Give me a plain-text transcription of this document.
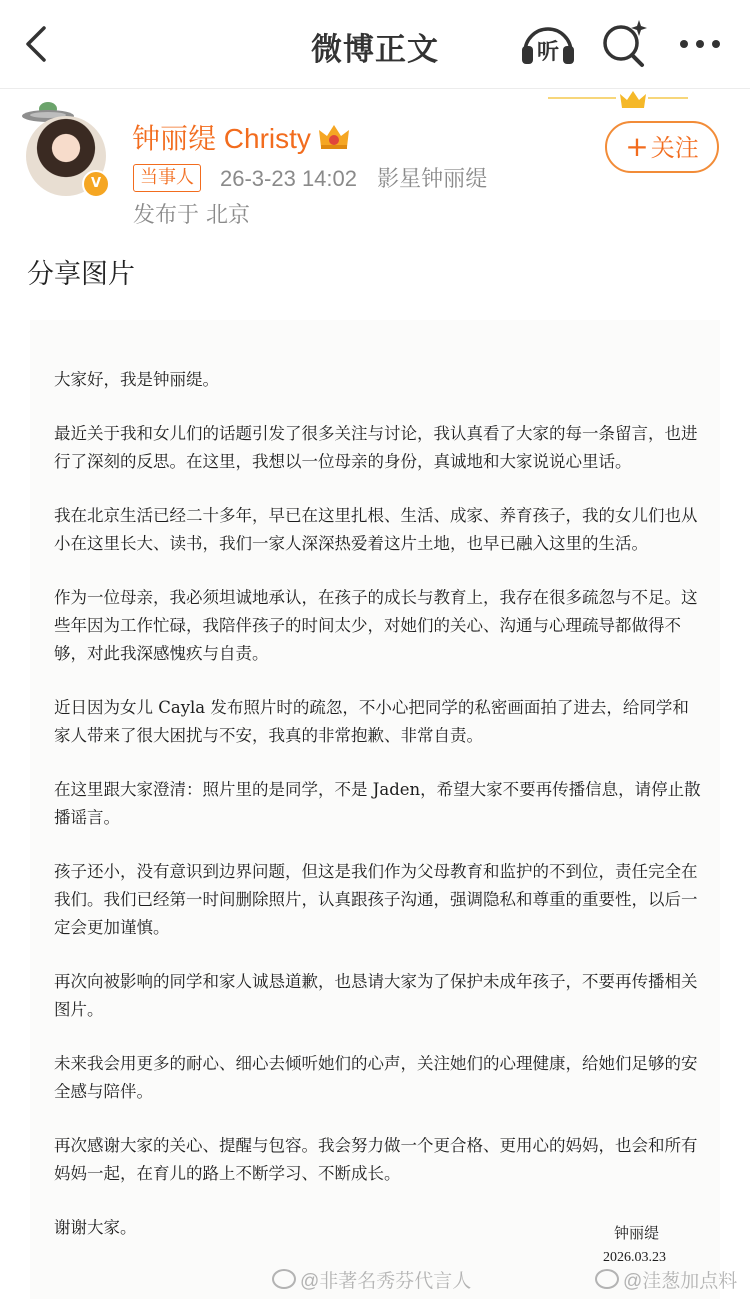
微博正文	听
V
钟丽缇 Christy
当事人	26-3-23 14:02 影星钟丽缇
发布于 北京
+关注
分享图片

大家好，我是钟丽缇。

最近关于我和女儿们的话题引发了很多关注与讨论，我认真看了大家的每一条留言，也进行了深刻的反思。在这里，我想以一位母亲的身份，真诚地和大家说说心里话。

我在北京生活已经二十多年，早已在这里扎根、生活、成家、养育孩子，我的女儿们也从小在这里长大、读书，我们一家人深深热爱着这片土地，也早已融入这里的生活。

作为一位母亲，我必须坦诚地承认，在孩子的成长与教育上，我存在很多疏忽与不足。这些年因为工作忙碌，我陪伴孩子的时间太少，对她们的关心、沟通与心理疏导都做得不够，对此我深感愧疚与自责。

近日因为女儿 Cayla 发布照片时的疏忽，不小心把同学的私密画面拍了进去，给同学和家人带来了很大困扰与不安，我真的非常抱歉、非常自责。

在这里跟大家澄清：照片里的是同学，不是 Jaden，希望大家不要再传播信息，请停止散播谣言。

孩子还小，没有意识到边界问题，但这是我们作为父母教育和监护的不到位，责任完全在我们。我们已经第一时间删除照片，认真跟孩子沟通，强调隐私和尊重的重要性，以后一定会更加谨慎。

再次向被影响的同学和家人诚恳道歉，也恳请大家为了保护未成年孩子，不要再传播相关图片。

未来我会用更多的耐心、细心去倾听她们的心声，关注她们的心理健康，给她们足够的安全感与陪伴。

再次感谢大家的关心、提醒与包容。我会努力做一个更合格、更用心的妈妈，也会和所有妈妈一起，在育儿的路上不断学习、不断成长。

谢谢大家。	钟丽缇
2026.03.23
@非著名秀芬代言人	@洼葱加点料
